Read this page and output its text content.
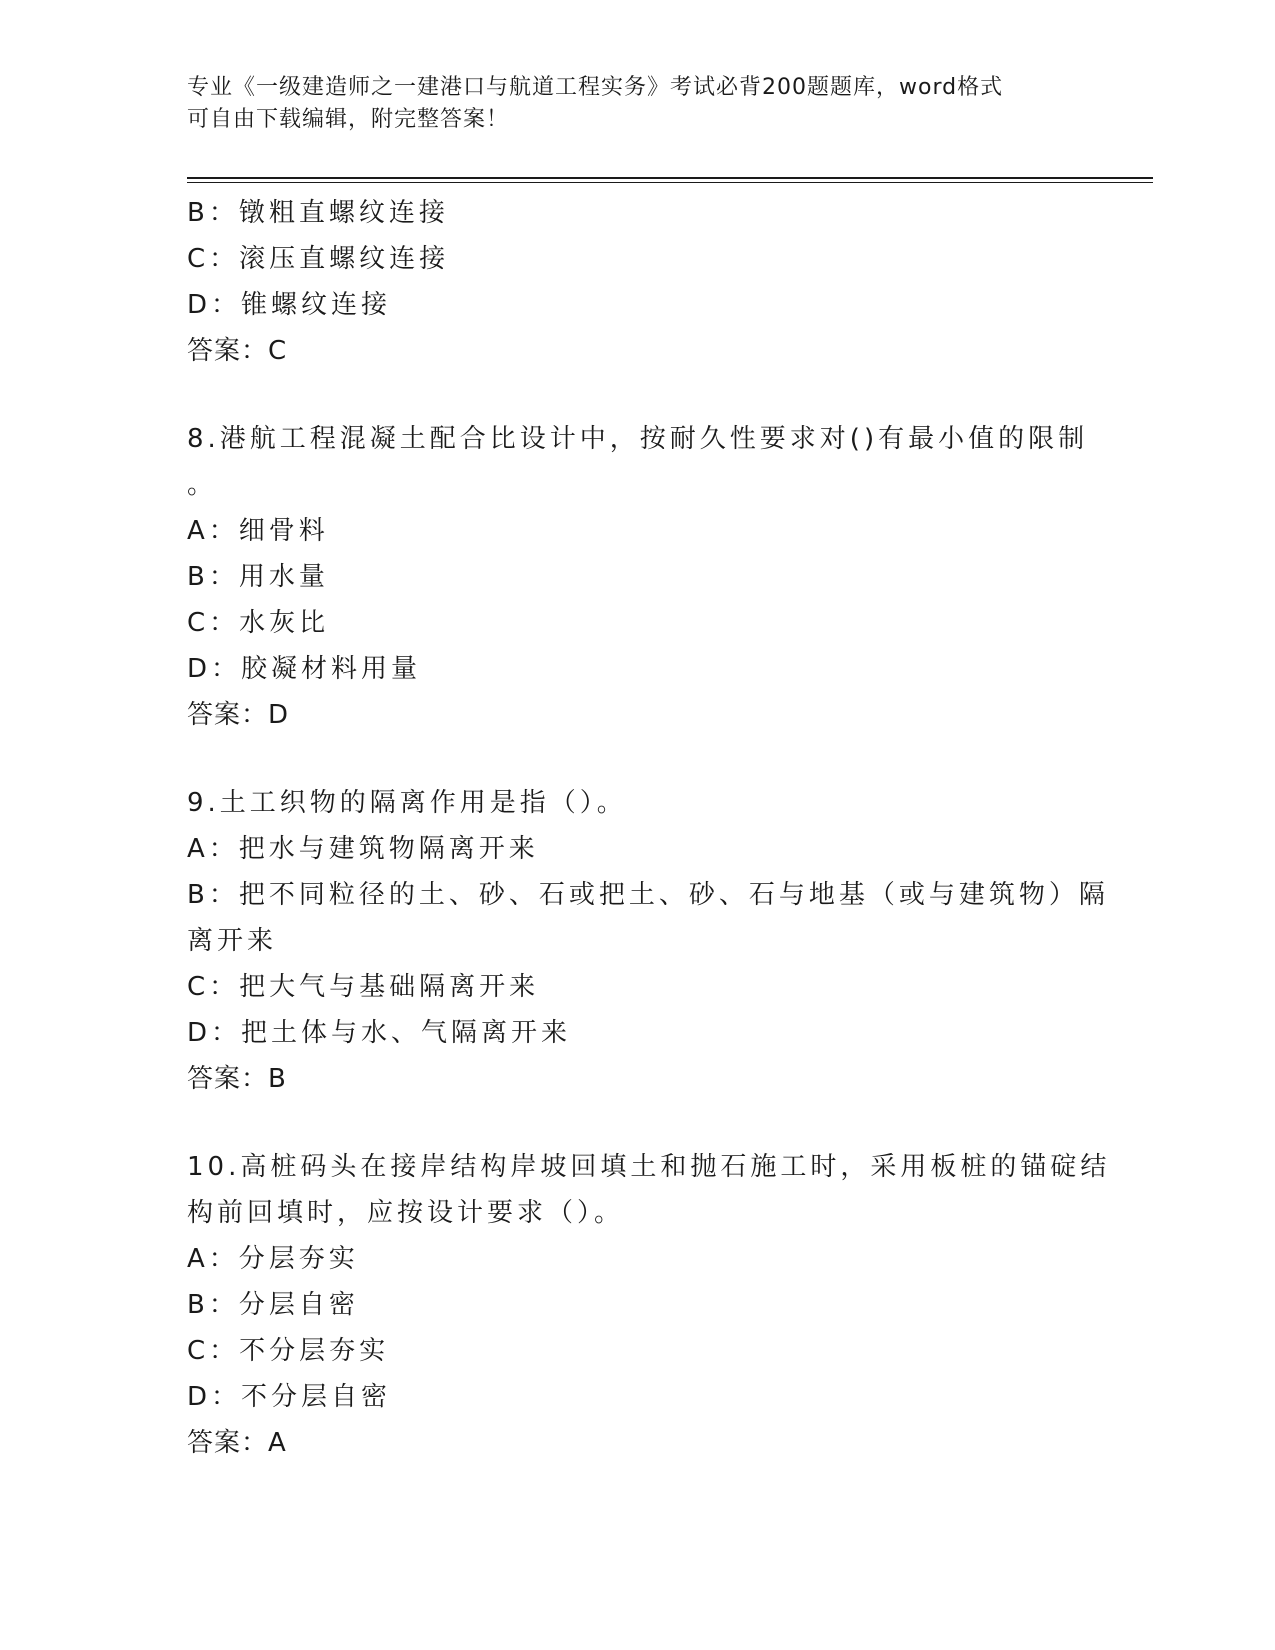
专业《一级建造师之一建港口与航道工程实务》考试必背200题题库，word格式
可自由下载编辑，附完整答案！
B：镦粗直螺纹连接
C：滚压直螺纹连接
D：锥螺纹连接
答案：C
8.港航工程混凝土配合比设计中，按耐久性要求对()有最小值的限制
。
A：细骨料
B：用水量
C：水灰比
D：胶凝材料用量
答案：D
9.土工织物的隔离作用是指（）。
A：把水与建筑物隔离开来
B：把不同粒径的土、砂、石或把土、砂、石与地基（或与建筑物）隔
离开来
C：把大气与基础隔离开来
D：把土体与水、气隔离开来
答案：B
10.高桩码头在接岸结构岸坡回填土和抛石施工时，采用板桩的锚碇结
构前回填时，应按设计要求（）。
A：分层夯实
B：分层自密
C：不分层夯实
D：不分层自密
答案：A
